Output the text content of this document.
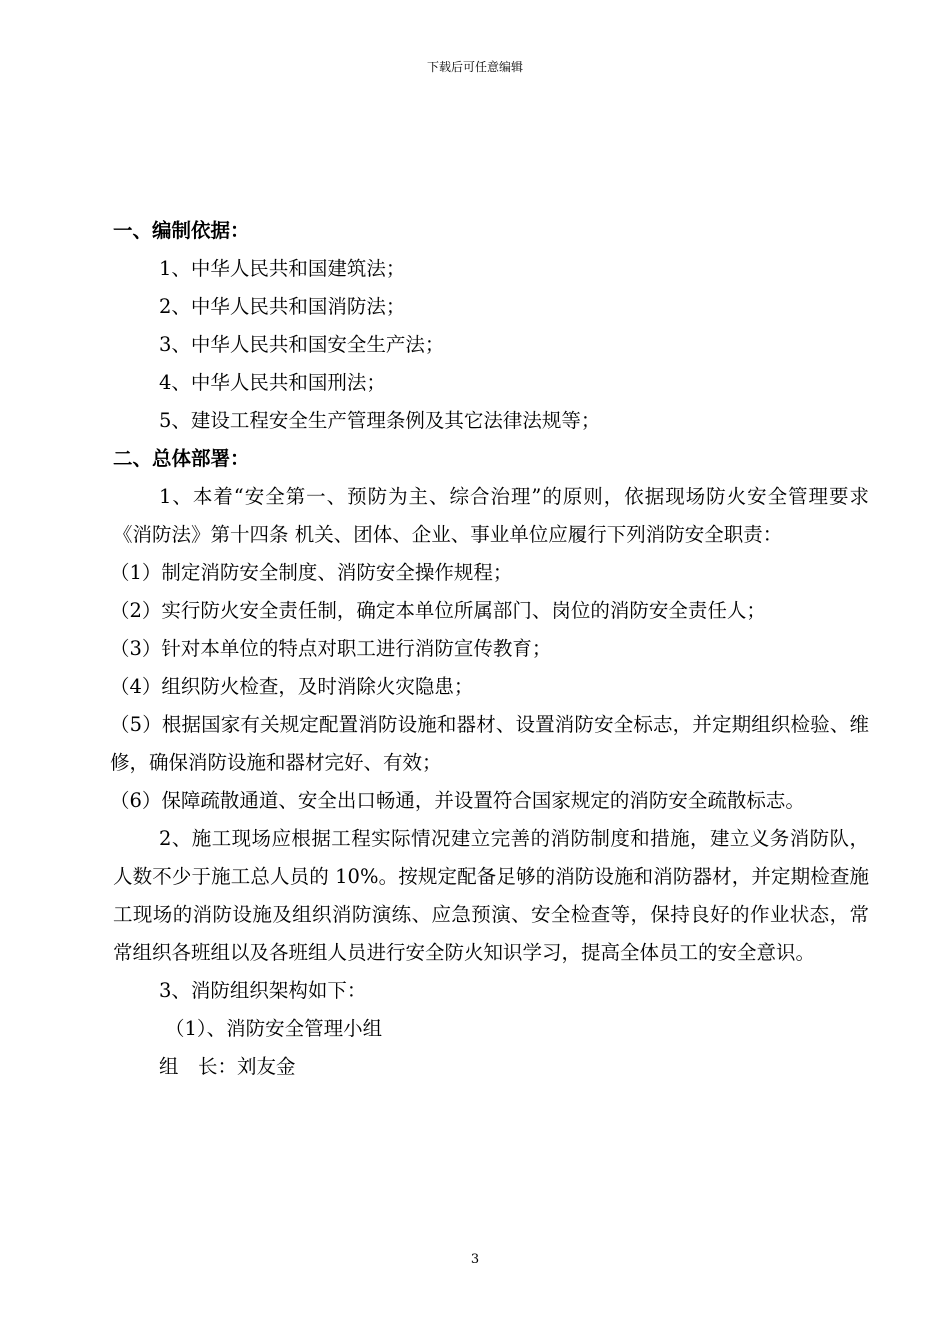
下载后可任意编辑
一、编制依据：
1、中华人民共和国建筑法；
2、中华人民共和国消防法；
3、中华人民共和国安全生产法；
4、中华人民共和国刑法；
5、建设工程安全生产管理条例及其它法律法规等；
二、总体部署：
1、本着“安全第一、预防为主、综合治理”的原则，依据现场防火安全管理要求《消防法》第十四条 机关、团体、企业、事业单位应履行下列消防安全职责：
（1）制定消防安全制度、消防安全操作规程；
（2）实行防火安全责任制，确定本单位所属部门、岗位的消防安全责任人；
（3）针对本单位的特点对职工进行消防宣传教育；
（4）组织防火检查，及时消除火灾隐患；
（5）根据国家有关规定配置消防设施和器材、设置消防安全标志，并定期组织检验、维修，确保消防设施和器材完好、有效；
（6）保障疏散通道、安全出口畅通，并设置符合国家规定的消防安全疏散标志。
2、施工现场应根据工程实际情况建立完善的消防制度和措施，建立义务消防队，人数不少于施工总人员的 10%。按规定配备足够的消防设施和消防器材，并定期检查施工现场的消防设施及组织消防演练、应急预演、安全检查等，保持良好的作业状态，常常组织各班组以及各班组人员进行安全防火知识学习，提高全体员工的安全意识。
3、消防组织架构如下：
（1）、消防安全管理小组
组　长：刘友金
3
